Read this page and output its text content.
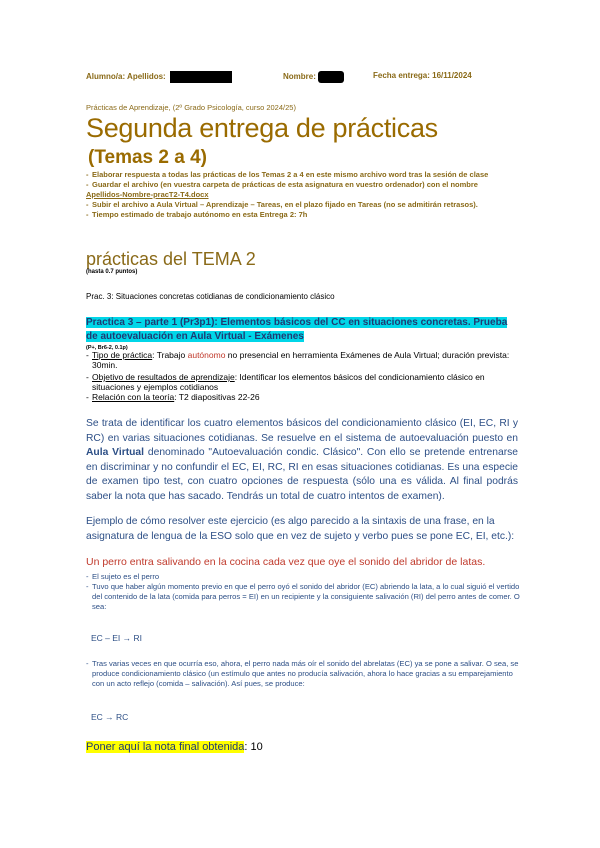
Alumno/a: Apellidos:	Nombre:	Fecha entrega: 16/11/2024
Prácticas de Aprendizaje, (2º Grado Psicología, curso 2024/25)
Segunda entrega de prácticas
(Temas 2 a 4)
- Elaborar respuesta a todas las prácticas de los Temas 2 a 4 en este mismo archivo word tras la sesión de clase
- Guardar el archivo (en vuestra carpeta de prácticas de esta asignatura en vuestro ordenador) con el nombre
Apellidos-Nombre-pracT2-T4.docx
- Subir el archivo a Aula Virtual – Aprendizaje – Tareas, en el plazo fijado en Tareas (no se admitirán retrasos).
- Tiempo estimado de trabajo autónomo en esta Entrega 2: 7h
prácticas del TEMA 2
(hasta 0.7 puntos)
Prac. 3: Situaciones concretas cotidianas de condicionamiento clásico
Practica 3 – parte 1 (Pr3p1): Elementos básicos del CC en situaciones concretas. Prueba de autoevaluación en Aula Virtual - Exámenes
(P+, Br6-2, 0.1p)
- Tipo de práctica: Trabajo autónomo no presencial en herramienta Exámenes de Aula Virtual; duración prevista: 30min.
- Objetivo de resultados de aprendizaje: Identificar los elementos básicos del condicionamiento clásico en situaciones y ejemplos cotidianos
- Relación con la teoría: T2 diapositivas 22-26
Se trata de identificar los cuatro elementos básicos del condicionamiento clásico (EI, EC, RI y RC) en varias situaciones cotidianas. Se resuelve en el sistema de autoevaluación puesto en Aula Virtual denominado "Autoevaluación condic. Clásico". Con ello se pretende entrenarse en discriminar y no confundir el EC, EI, RC, RI en esas situaciones cotidianas. Es una especie de examen tipo test, con cuatro opciones de respuesta (sólo una es válida. Al final podrás saber la nota que has sacado. Tendrás un total de cuatro intentos de examen).
Ejemplo de cómo resolver este ejercicio (es algo parecido a la sintaxis de una frase, en la asignatura de lengua de la ESO solo que en vez de sujeto y verbo pues se pone EC, EI, etc.):
Un perro entra salivando en la cocina cada vez que oye el sonido del abridor de latas.
- El sujeto es el perro
- Tuvo que haber algún momento previo en que el perro oyó el sonido del abridor (EC) abriendo la lata, a lo cual siguió el vertido del contenido de la lata (comida para perros = EI) en un recipiente y la consiguiente salivación (RI) del perro antes de comer. O sea:
EC – EI → RI
- Tras varias veces en que ocurría eso, ahora, el perro nada más oír el sonido del abrelatas (EC) ya se pone a salivar. O sea, se produce condicionamiento clásico (un estímulo que antes no producía salivación, ahora lo hace gracias a su emparejamiento con un acto reflejo (comida – salivación). Así pues, se produce:
EC → RC
Poner aquí la nota final obtenida: 10
